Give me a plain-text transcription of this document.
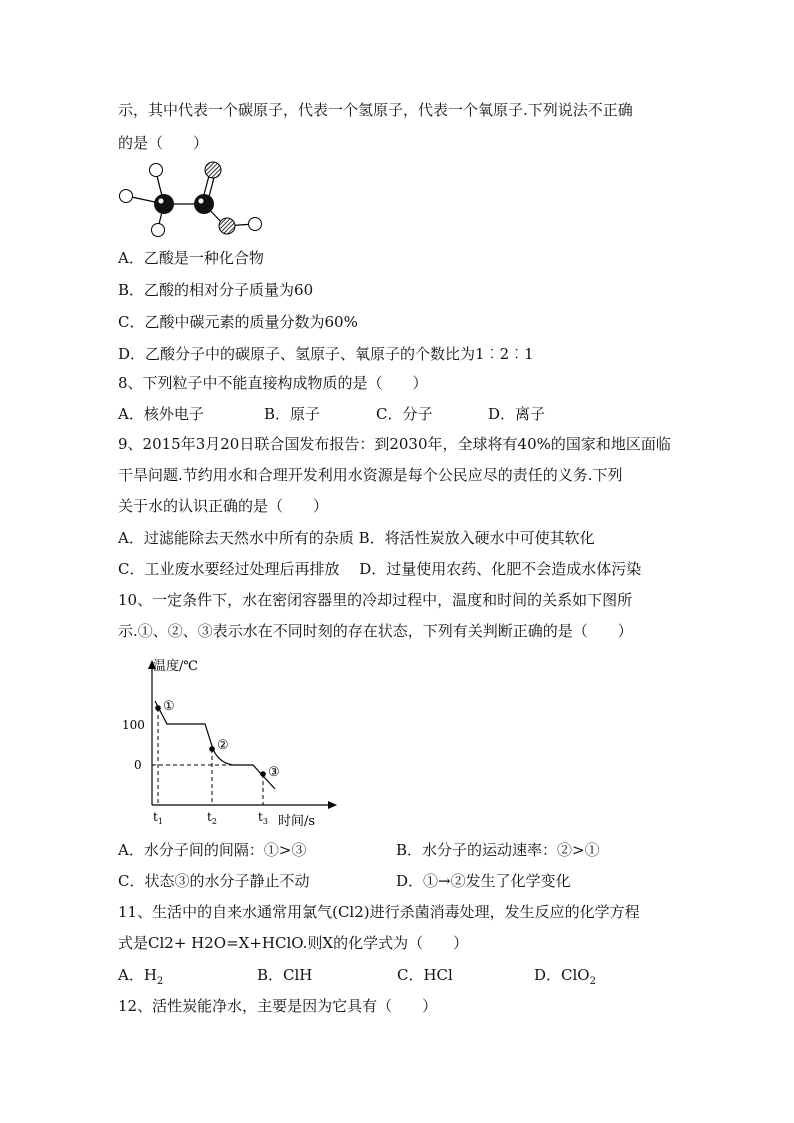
示，其中代表一个碳原子，代表一个氢原子，代表一个氧原子.下列说法不正确
的是（　　）
A．乙酸是一种化合物
B．乙酸的相对分子质量为60
C．乙酸中碳元素的质量分数为60%
D．乙酸分子中的碳原子、氢原子、氧原子的个数比为1︰2︰1
8、下列粒子中不能直接构成物质的是（　　）
A．核外电子	B．原子	C．分子	D．离子
9、2015年3月20日联合国发布报告：到2030年，全球将有40%的国家和地区面临
干旱问题.节约用水和合理开发利用水资源是每个公民应尽的责任的义务.下列
关于水的认识正确的是（　　）
A．过滤能除去天然水中所有的杂质 B．将活性炭放入硬水中可使其软化
C．工业废水要经过处理后再排放　 D．过量使用农药、化肥不会造成水体污染
10、一定条件下，水在密闭容器里的冷却过程中，温度和时间的关系如下图所
示.①、②、③表示水在不同时刻的存在状态，下列有关判断正确的是（　　）
温度/℃
100
0
时间/s
①
②
③
$t_1$	$t_2$	$t_3$
A．水分子间的间隔：①>③	B．水分子的运动速率：②>①
C．状态③的水分子静止不动	D．①→②发生了化学变化
11、生活中的自来水通常用氯气(Cl2)进行杀菌消毒处理，发生反应的化学方程
式是Cl2+ H2O=X+HClO.则X的化学式为（　　）
A．$H_2$	B．ClH	C．HCl	D．ClO$_2$
12、活性炭能净水，主要是因为它具有（　　）
